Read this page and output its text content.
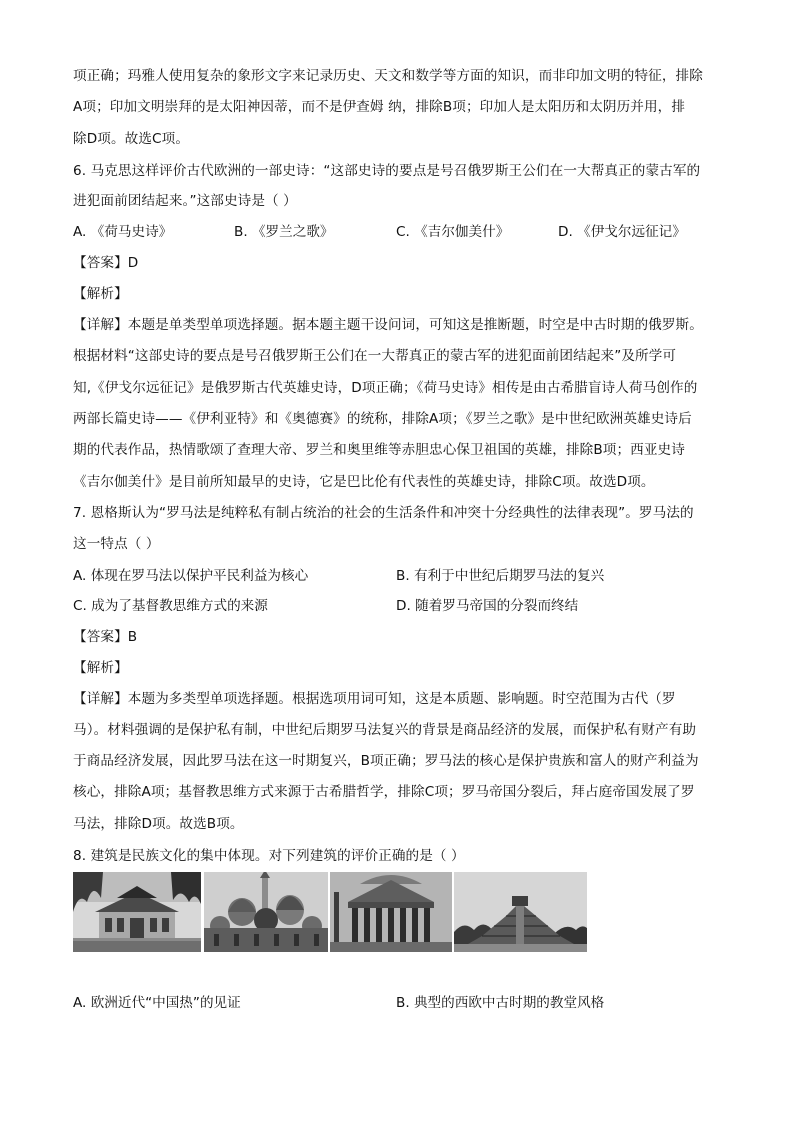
项正确；玛雅人使用复杂的象形文字来记录历史、天文和数学等方面的知识，而非印加文明的特征，排除
A项；印加文明崇拜的是太阳神因蒂，而不是伊查姆 纳，排除B项；印加人是太阳历和太阴历并用，排
除D项。故选C项。
6. 马克思这样评价古代欧洲的一部史诗：“这部史诗的要点是号召俄罗斯王公们在一大帮真正的蒙古军的
进犯面前团结起来。”这部史诗是（ ）
A. 《荷马史诗》	B. 《罗兰之歌》	C. 《吉尔伽美什》	D. 《伊戈尔远征记》
【答案】D
【解析】
【详解】本题是单类型单项选择题。据本题主题干设问词，可知这是推断题，时空是中古时期的俄罗斯。
根据材料“这部史诗的要点是号召俄罗斯王公们在一大帮真正的蒙古军的进犯面前团结起来”及所学可
知,《伊戈尔远征记》是俄罗斯古代英雄史诗，D项正确；《荷马史诗》相传是由古希腊盲诗人荷马创作的
两部长篇史诗——《伊利亚特》和《奥德赛》的统称，排除A项；《罗兰之歌》是中世纪欧洲英雄史诗后
期的代表作品，热情歌颂了查理大帝、罗兰和奥里维等赤胆忠心保卫祖国的英雄，排除B项；西亚史诗
《吉尔伽美什》是目前所知最早的史诗，它是巴比伦有代表性的英雄史诗，排除C项。故选D项。
7. 恩格斯认为“罗马法是纯粹私有制占统治的社会的生活条件和冲突十分经典性的法律表现”。罗马法的
这一特点（ ）
A. 体现在罗马法以保护平民利益为核心	B. 有利于中世纪后期罗马法的复兴
C. 成为了基督教思维方式的来源	D. 随着罗马帝国的分裂而终结
【答案】B
【解析】
【详解】本题为多类型单项选择题。根据选项用词可知，这是本质题、影响题。时空范围为古代（罗
马）。材料强调的是保护私有制，中世纪后期罗马法复兴的背景是商品经济的发展，而保护私有财产有助
于商品经济发展，因此罗马法在这一时期复兴，B项正确；罗马法的核心是保护贵族和富人的财产利益为
核心，排除A项；基督教思维方式来源于古希腊哲学，排除C项；罗马帝国分裂后，拜占庭帝国发展了罗
马法，排除D项。故选B项。
8. 建筑是民族文化的集中体现。对下列建筑的评价正确的是（ ）
A. 欧洲近代“中国热”的见证	B. 典型的西欧中古时期的教堂风格
